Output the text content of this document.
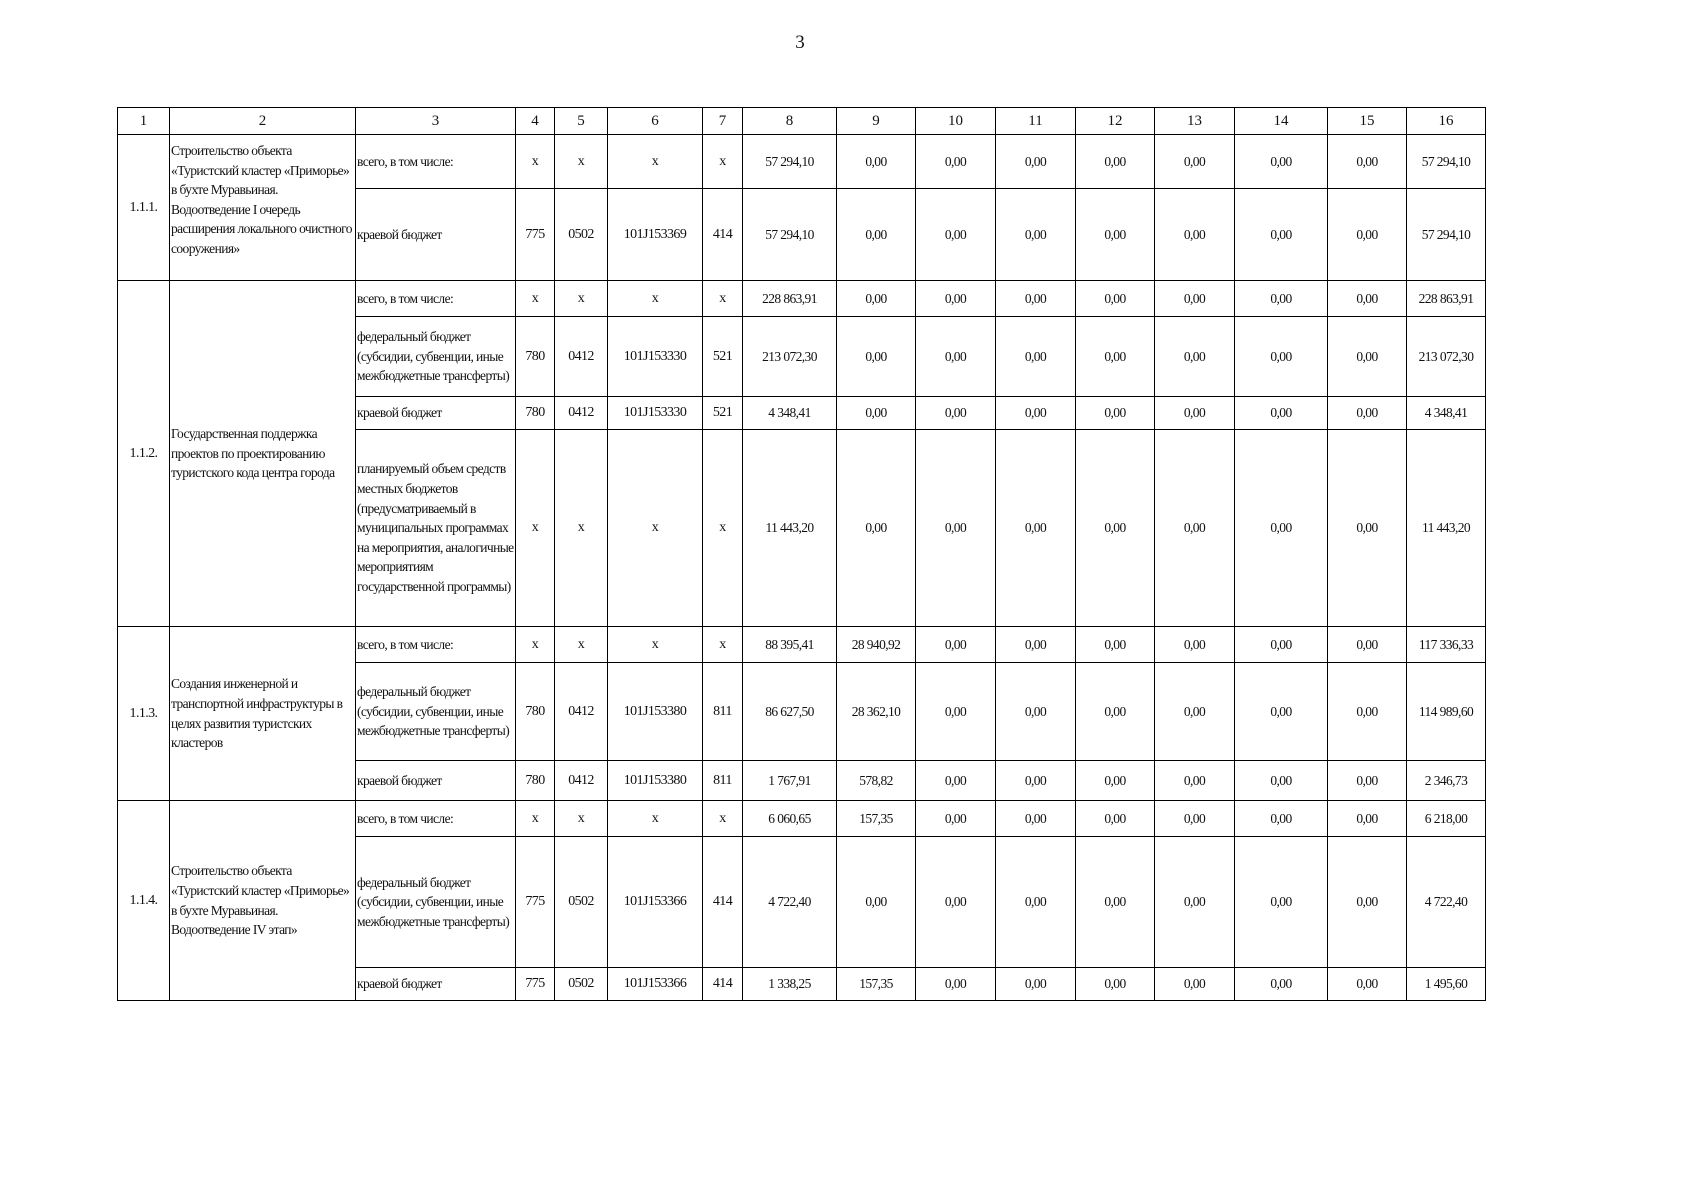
3
1	2	3	4	5	6	7	8	9	10	11	12	13	14	15	16
1.1.1.	Строительство объекта «Туристский кластер «Приморье» в бухте Муравьиная. Водоотведение I очередь расширения локального очистного сооружения»	всего, в том числе:	x	x	x	x	57 294,10	0,00	0,00	0,00	0,00	0,00	0,00	0,00	57 294,10
		краевой бюджет	775	0502	101J153369	414	57 294,10	0,00	0,00	0,00	0,00	0,00	0,00	0,00	57 294,10
1.1.2.	Государственная поддержка проектов по проектированию туристского кода центра города	всего, в том числе:	x	x	x	x	228 863,91	0,00	0,00	0,00	0,00	0,00	0,00	0,00	228 863,91
		федеральный бюджет (субсидии, субвенции, иные межбюджетные трансферты)	780	0412	101J153330	521	213 072,30	0,00	0,00	0,00	0,00	0,00	0,00	0,00	213 072,30
		краевой бюджет	780	0412	101J153330	521	4 348,41	0,00	0,00	0,00	0,00	0,00	0,00	0,00	4 348,41
		планируемый объем средств местных бюджетов (предусматриваемый в муниципальных программах на мероприятия, аналогичные мероприятиям государственной программы)	x	x	x	x	11 443,20	0,00	0,00	0,00	0,00	0,00	0,00	0,00	11 443,20
1.1.3.	Создания инженерной и транспортной инфраструктуры в целях развития туристских кластеров	всего, в том числе:	x	x	x	x	88 395,41	28 940,92	0,00	0,00	0,00	0,00	0,00	0,00	117 336,33
		федеральный бюджет (субсидии, субвенции, иные межбюджетные трансферты)	780	0412	101J153380	811	86 627,50	28 362,10	0,00	0,00	0,00	0,00	0,00	0,00	114 989,60
		краевой бюджет	780	0412	101J153380	811	1 767,91	578,82	0,00	0,00	0,00	0,00	0,00	0,00	2 346,73
1.1.4.	Строительство объекта «Туристский кластер «Приморье» в бухте Муравьиная. Водоотведение IV этап»	всего, в том числе:	x	x	x	x	6 060,65	157,35	0,00	0,00	0,00	0,00	0,00	0,00	6 218,00
		федеральный бюджет (субсидии, субвенции, иные межбюджетные трансферты)	775	0502	101J153366	414	4 722,40	0,00	0,00	0,00	0,00	0,00	0,00	0,00	4 722,40
		краевой бюджет	775	0502	101J153366	414	1 338,25	157,35	0,00	0,00	0,00	0,00	0,00	0,00	1 495,60
